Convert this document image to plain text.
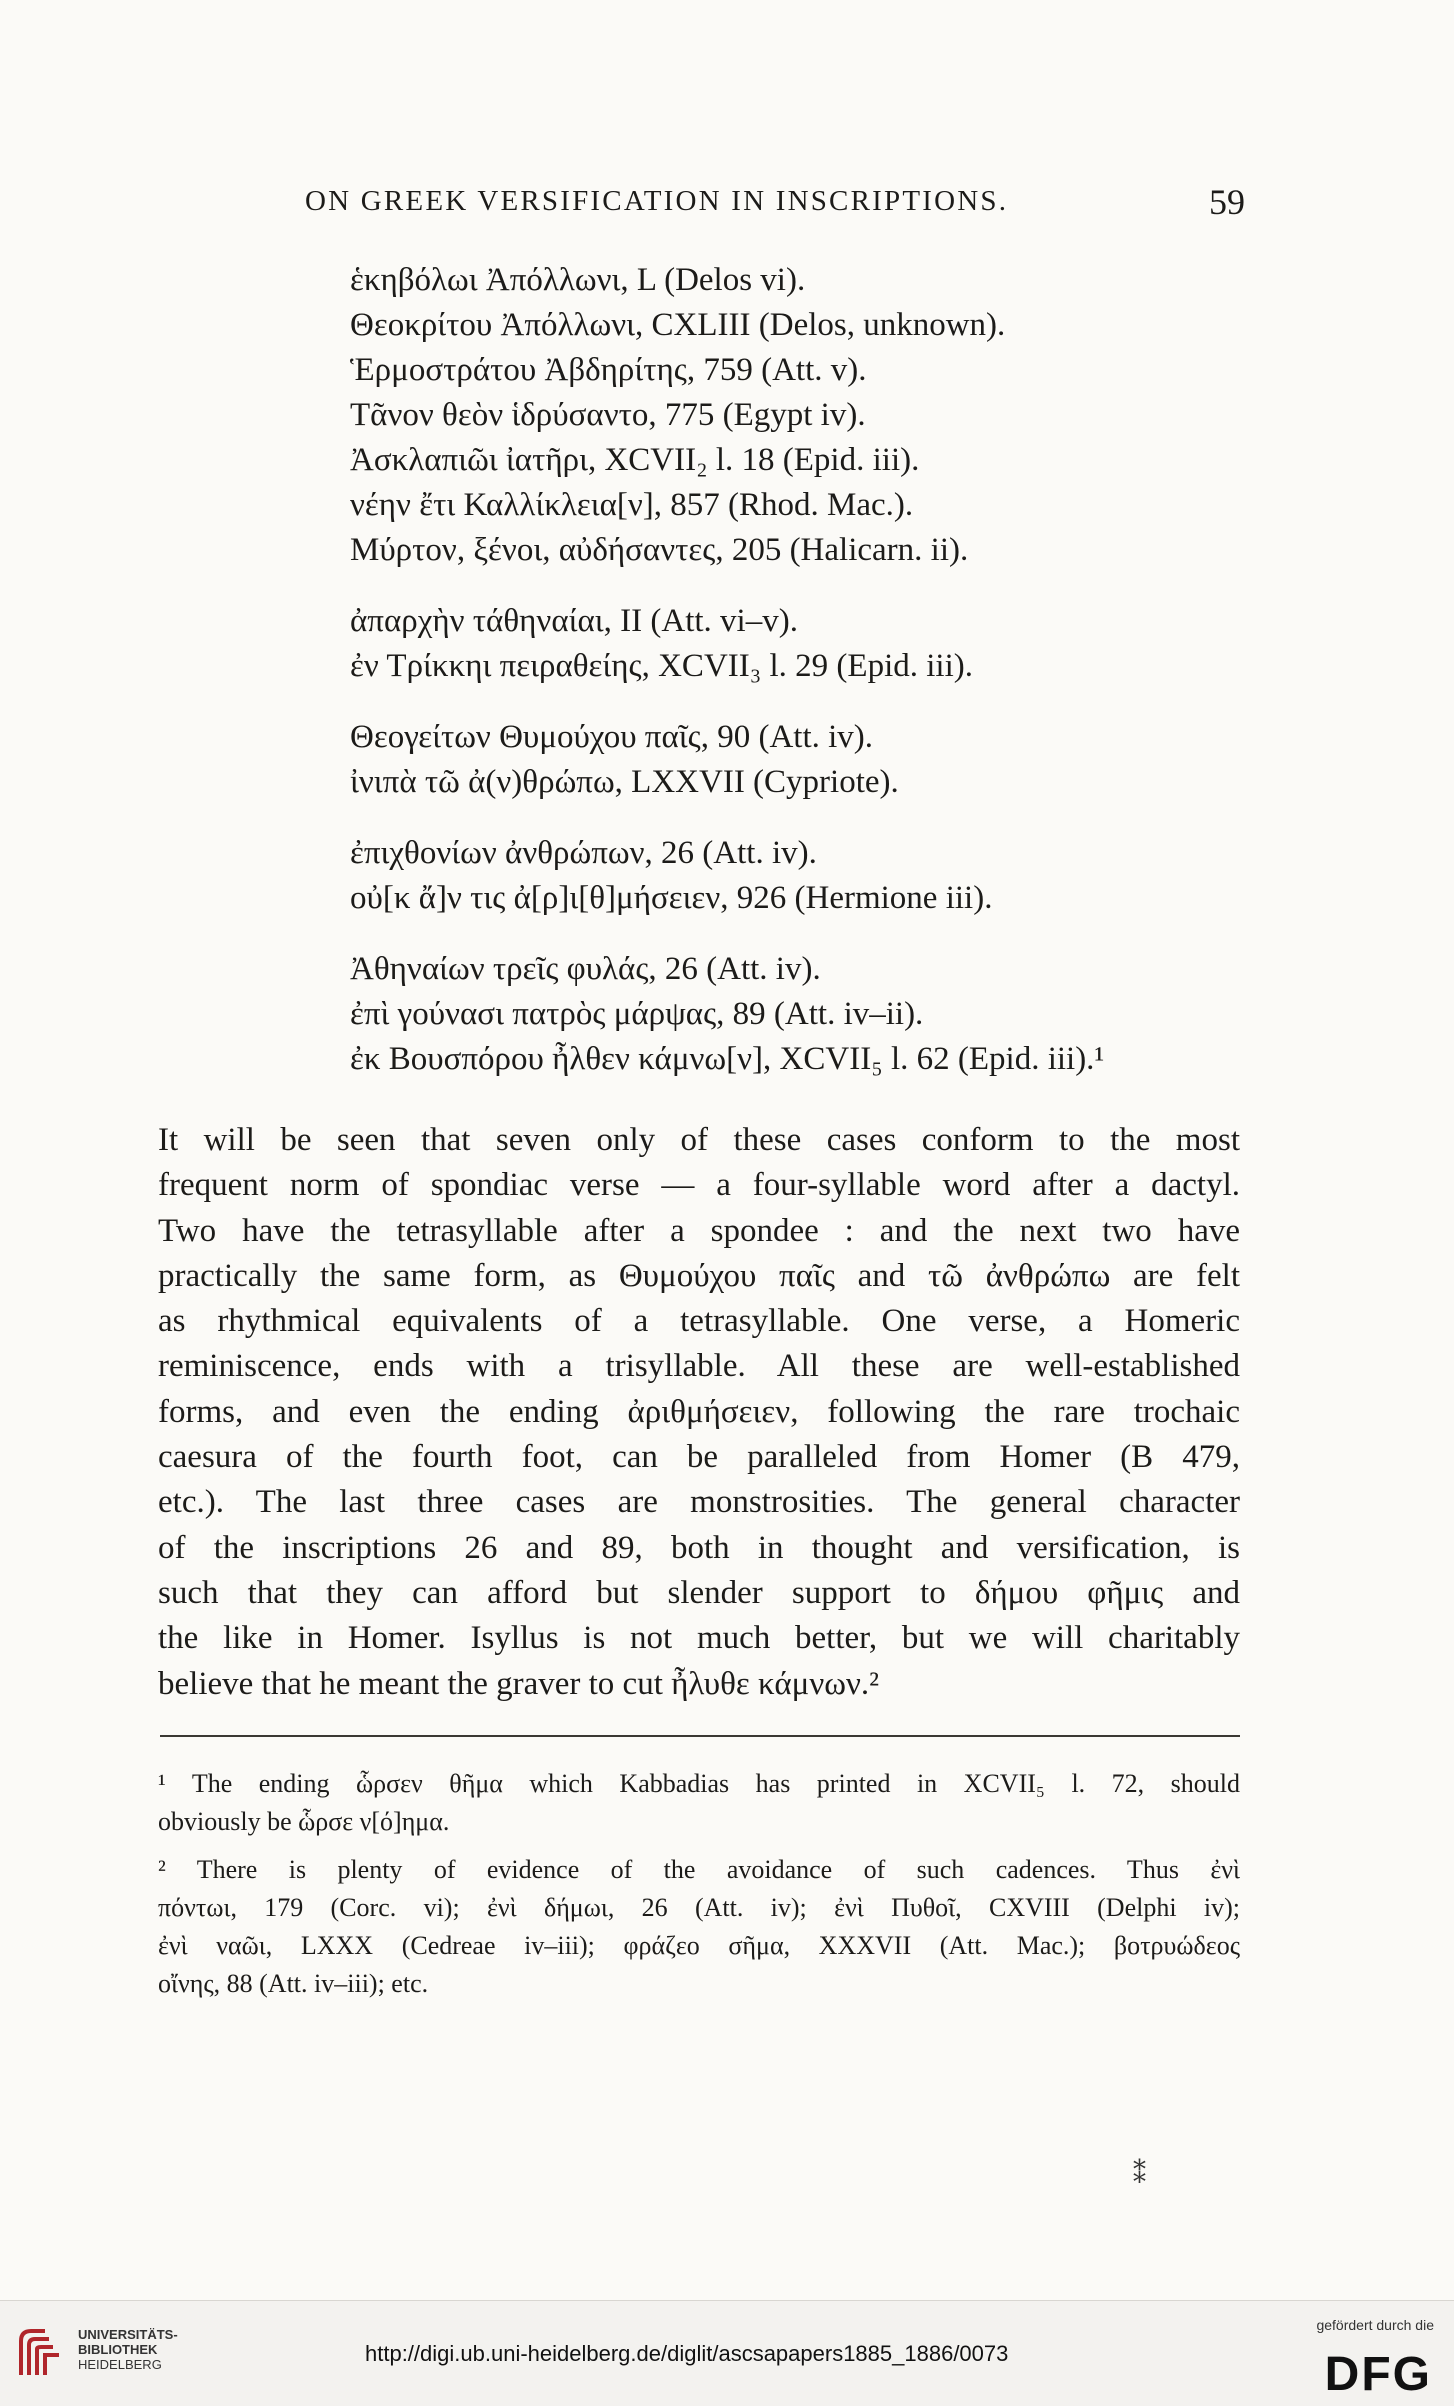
ON GREEK VERSIFICATION IN INSCRIPTIONS.	59
ἑκηβόλωι Ἀπόλλωνι, L (Delos vi).
Θεοκρίτου Ἀπόλλωνι, CXLIII (Delos, unknown).
Ἑρμοστράτου Ἀβδηρίτης, 759 (Att. v).
Τᾶνον θεὸν ἱδρύσαντο, 775 (Egypt iv).
Ἀσκλαπιῶι ἰατῆρι, XCVII₂ l. 18 (Epid. iii).
νέην ἔτι Καλλίκλεια[ν], 857 (Rhod. Mac.).
Μύρτον, ξένοι, αὐδήσαντες, 205 (Halicarn. ii).
ἀπαρχὴν τάθηναίαι, II (Att. vi–v).
ἐν Τρίκκηι πειραθείης, XCVII₃ l. 29 (Epid. iii).
Θεογείτων Θυμούχου παῖς, 90 (Att. iv).
ἰνιπὰ τῶ ἀ(ν)θρώπω, LXXVII (Cypriote).
ἐπιχθονίων ἀνθρώπων, 26 (Att. iv).
οὐ[κ ἄ]ν τις ἀ[ρ]ι[θ]μήσειεν, 926 (Hermione iii).
Ἀθηναίων τρεῖς φυλάς, 26 (Att. iv).
ἐπὶ γούνασι πατρὸς μάρψας, 89 (Att. iv–ii).
ἐκ Βουσπόρου ἦλθεν κάμνω[ν], XCVII₅ l. 62 (Epid. iii).¹
It will be seen that seven only of these cases conform to the most
frequent norm of spondiac verse — a four-syllable word after a dactyl.
Two have the tetrasyllable after a spondee : and the next two have
practically the same form, as Θυμούχου παῖς and τῶ ἀνθρώπω are felt
as rhythmical equivalents of a tetrasyllable. One verse, a Homeric
reminiscence, ends with a trisyllable. All these are well-established
forms, and even the ending ἀριθμήσειεν, following the rare trochaic
caesura of the fourth foot, can be paralleled from Homer (B 479,
etc.). The last three cases are monstrosities. The general character
of the inscriptions 26 and 89, both in thought and versification, is
such that they can afford but slender support to δήμου φῆμις and
the like in Homer. Isyllus is not much better, but we will charitably
believe that he meant the graver to cut ἦλυθε κάμνων.²
¹ The ending ὧρσεν θῆμα which Kabbadias has printed in XCVII₅ l. 72, should
obviously be ὧρσε ν[ό]ημα.
² There is plenty of evidence of the avoidance of such cadences. Thus ἐνὶ
πόντωι, 179 (Corc. vi); ἐνὶ δήμωι, 26 (Att. iv); ἐνὶ Πυθοῖ, CXVIII (Delphi iv);
ἐνὶ ναῶι, LXXX (Cedreae iv–iii); φράζεο σῆμα, XXXVII (Att. Mac.); βοτρυώδεος
οἴνης, 88 (Att. iv–iii); etc.
⁑
UNIVERSITÄTS-
BIBLIOTHEK
HEIDELBERG	http://digi.ub.uni-heidelberg.de/diglit/ascsapapers1885_1886/0073
gefördert durch die
DFG
